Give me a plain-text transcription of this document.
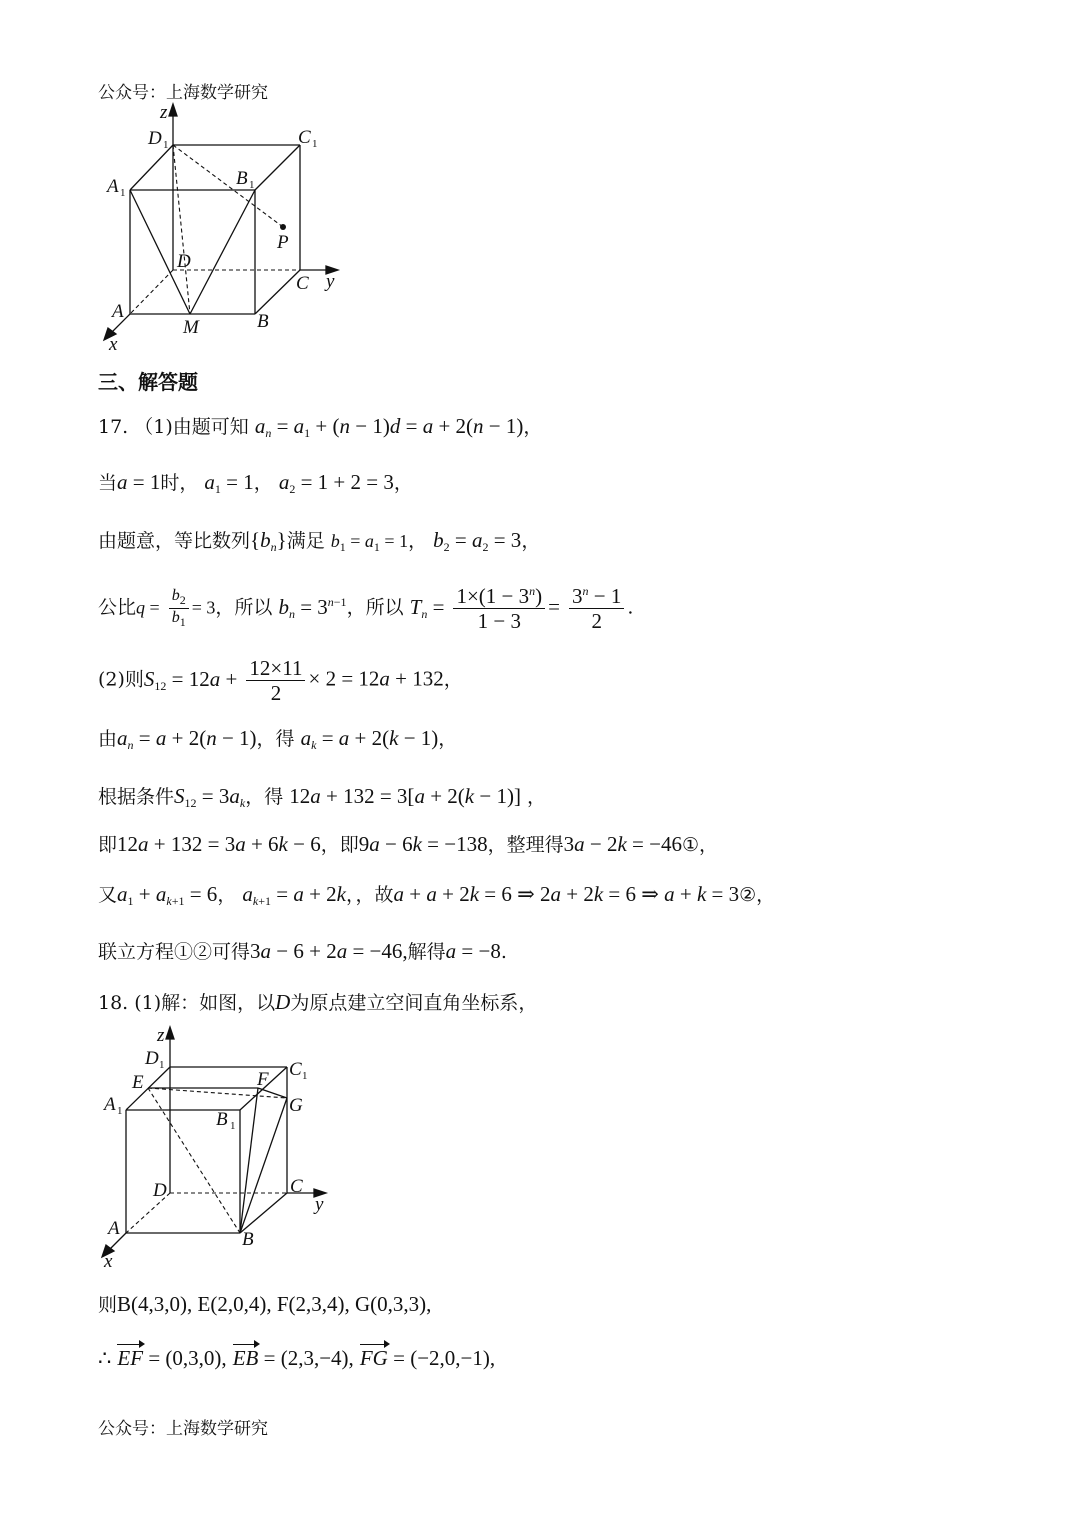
公众号：上海数学研究
z
D 1	C 1
A 1
B 1
P
D
C y
A
M	B
x
三、解答题
17. （1)由题可知 $a_n = a_1 + (n - 1)d = a + 2(n - 1)$，
当a = 1时， $a_1 = 1$， $a_2 = 1 + 2 = 3$，
由题意，等比数列$\{b_n\}$满足 $b_1 = a_1 = 1$， $b_2 = a_2 = 3$，
公比$q = \frac{b_2}{b_1} = 3$，所以 $b_n = 3^{n-1}$，所以 $T_n = \frac{1\times(1 - 3^n)}{1 - 3} = \frac{3^n - 1}{2}$ .
(2)则$S_{12} = 12a + \frac{12\times 11}{2} \times 2 = 12a + 132$，
由$a_n = a + 2(n - 1)$，得 $a_k = a + 2(k - 1)$，
根据条件$S_{12} = 3a_k$，得 12a + 132 = 3[a + 2(k − 1)] ，
即12a + 132 = 3a + 6k − 6，即9a − 6k = −138，整理得3a − 2k = −46①，
又$a_1 + a_{k+1} = 6$， $a_{k+1} = a + 2k$，，故a + a + 2k = 6 ⇒ 2a + 2k = 6 ⇒ a + k = 3②，
联立方程①②可得3a − 6 + 2a = −46,解得a = −8.
18. (1)解：如图，以D为原点建立空间直角坐标系，
z
D 1
E	F C 1
A 1	G
B 1
D	C
y
A
B
x
则B(4,3,0), E(2,0,4), F(2,3,4), G(0,3,3),
∴ EF = (0,3,0), EB = (2,3,−4), FG = (−2,0,−1),
公众号：上海数学研究
